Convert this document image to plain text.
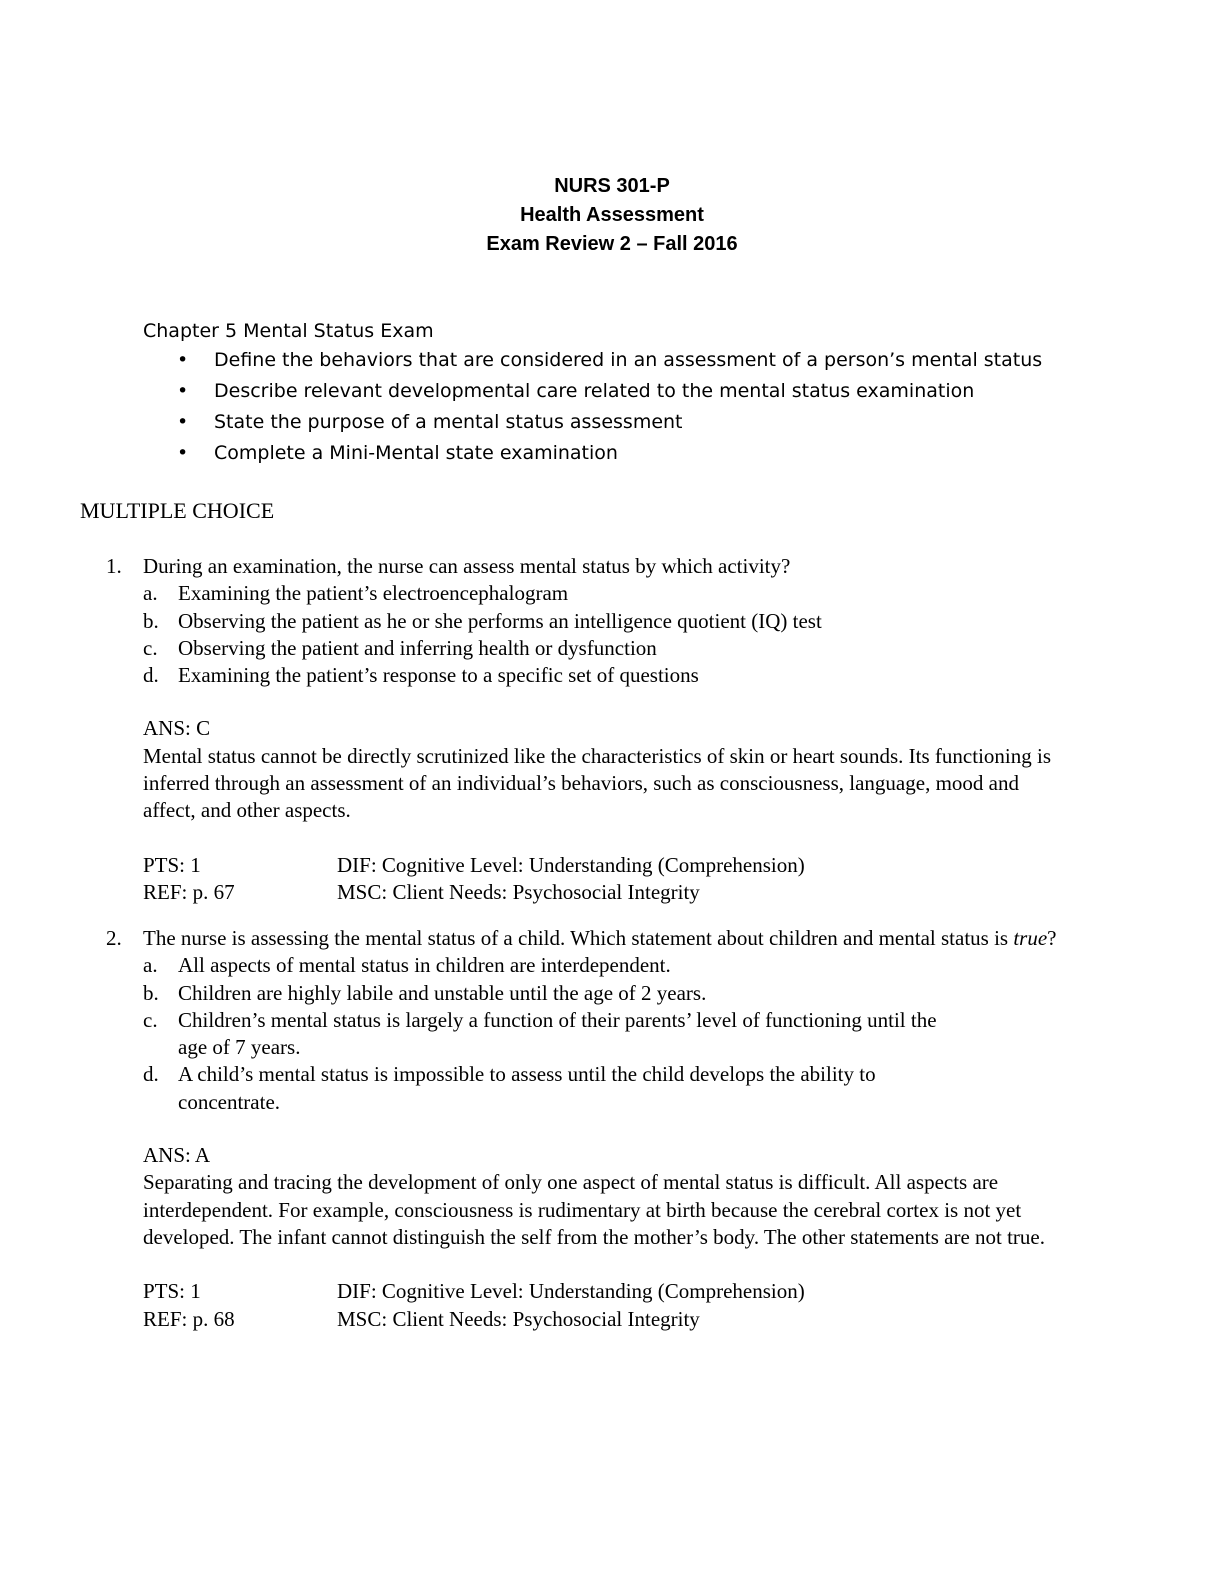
NURS 301-P
Health Assessment
Exam Review 2 – Fall 2016
Chapter 5 Mental Status Exam
• Define the behaviors that are considered in an assessment of a person’s mental status
• Describe relevant developmental care related to the mental status examination
• State the purpose of a mental status assessment
• Complete a Mini-Mental state examination
MULTIPLE CHOICE
1. During an examination, the nurse can assess mental status by which activity?
a. Examining the patient’s electroencephalogram
b. Observing the patient as he or she performs an intelligence quotient (IQ) test
c. Observing the patient and inferring health or dysfunction
d. Examining the patient’s response to a specific set of questions
ANS: C
Mental status cannot be directly scrutinized like the characteristics of skin or heart sounds. Its functioning is inferred through an assessment of an individual’s behaviors, such as consciousness, language, mood and affect, and other aspects.
PTS: 1	DIF: Cognitive Level: Understanding (Comprehension)
REF: p. 67	MSC: Client Needs: Psychosocial Integrity
2. The nurse is assessing the mental status of a child. Which statement about children and mental status is true?
a. All aspects of mental status in children are interdependent.
b. Children are highly labile and unstable until the age of 2 years.
c. Children’s mental status is largely a function of their parents’ level of functioning until the age of 7 years.
d. A child’s mental status is impossible to assess until the child develops the ability to concentrate.
ANS: A
Separating and tracing the development of only one aspect of mental status is difficult. All aspects are interdependent. For example, consciousness is rudimentary at birth because the cerebral cortex is not yet developed. The infant cannot distinguish the self from the mother’s body. The other statements are not true.
PTS: 1	DIF: Cognitive Level: Understanding (Comprehension)
REF: p. 68	MSC: Client Needs: Psychosocial Integrity
